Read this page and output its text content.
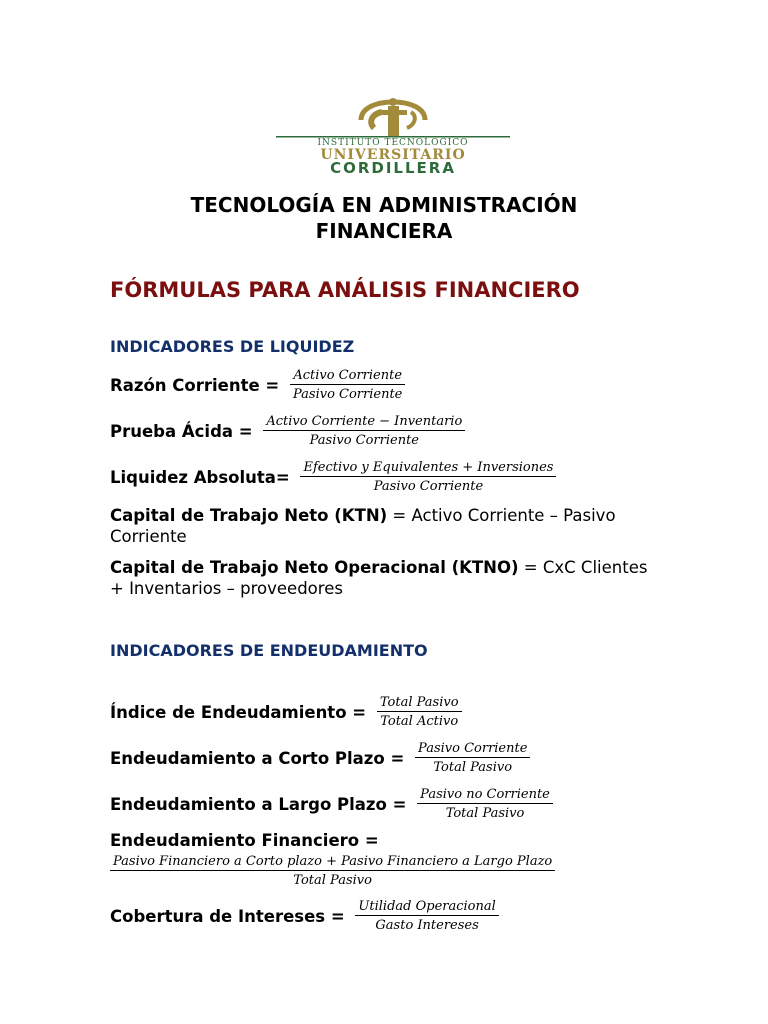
INSTITUTO TECNOLÓGICO
UNIVERSITARIO
CORDILLERA
TECNOLOGÍA EN ADMINISTRACIÓN
FINANCIERA
FÓRMULAS PARA ANÁLISIS FINANCIERO
INDICADORES DE LIQUIDEZ
Razón Corriente = $\frac{\text{Activo Corriente}}{\text{Pasivo Corriente}}$
Prueba Ácida = $\frac{\text{Activo Corriente − Inventario}}{\text{Pasivo Corriente}}$
Liquidez Absoluta= $\frac{\text{Efectivo y Equivalentes + Inversiones}}{\text{Pasivo Corriente}}$
Capital de Trabajo Neto (KTN) = Activo Corriente – Pasivo Corriente
Capital de Trabajo Neto Operacional (KTNO) = CxC Clientes + Inventarios – proveedores
INDICADORES DE ENDEUDAMIENTO
Índice de Endeudamiento = $\frac{\text{Total Pasivo}}{\text{Total Activo}}$
Endeudamiento a Corto Plazo = $\frac{\text{Pasivo Corriente}}{\text{Total Pasivo}}$
Endeudamiento a Largo Plazo = $\frac{\text{Pasivo no Corriente}}{\text{Total Pasivo}}$
Endeudamiento Financiero =
Pasivo Financiero a Corto plazo + Pasivo Financiero a Largo Plazo
Total Pasivo
Cobertura de Intereses = $\frac{\text{Utilidad Operacional}}{\text{Gasto Intereses}}$
